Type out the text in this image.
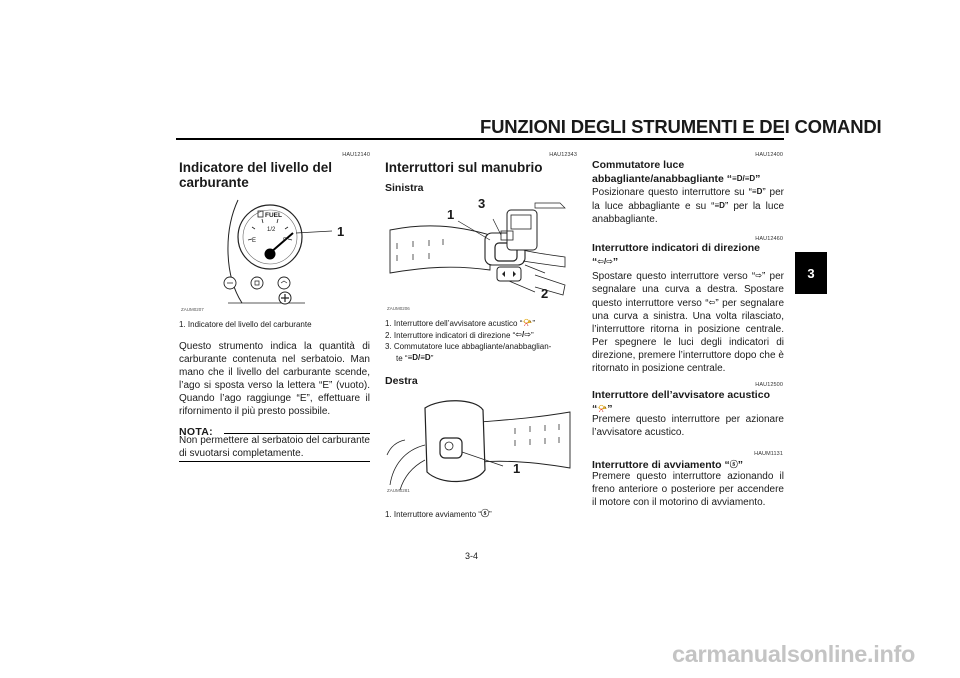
FUNZIONI DEGLI STRUMENTI E DEI COMANDI
3
HAU12140
Indicatore del livello del carburante
FUEL
1/2
E	F
1
ZAUM0207
1. Indicatore del livello del carburante
Questo strumento indica la quantità di carburante contenuta nel serbatoio. Man mano che il livello del carburante scende, l’ago si sposta verso la lettera “E” (vuoto). Quando l’ago raggiunge “E”, effettuare il rifornimento il più presto possibile.
NOTA:
Non permettere al serbatoio del carburante di svuotarsi completamente.
HAU12343
Interruttori sul manubrio
Sinistra
1
3
2
ZAUM0206
1. Interruttore dell’avvisatore acustico “📯”
2. Interruttore indicatori di direzione “⇦/⇨”
3. Commutatore luce abbagliante/anabbaglian-
te “≡D/≡D”
Destra
1
ZAUM0281
1. Interruttore avviamento “ⓢ”
HAU12400
Commutatore luce
abbagliante/anabbagliante “≡D/≡D”
Posizionare questo interruttore su “≡D” per la luce abbagliante e su “≡D” per la luce anabbagliante.
HAU12460
Interruttore indicatori di direzione
“⇦/⇨”
Spostare questo interruttore verso “⇨” per segnalare una curva a destra. Spostare questo interruttore verso “⇦” per segnalare una curva a sinistra. Una volta rilasciato, l’interruttore ritorna in posizione centrale. Per spegnere le luci degli indicatori di direzione, premere l’interruttore dopo che è ritornato in posizione centrale.
HAU12500
Interruttore dell’avvisatore acustico
“📯”
Premere questo interruttore per azionare l’avvisatore acustico.
HAUM1131
Interruttore di avviamento “ⓢ”
Premere questo interruttore azionando il freno anteriore o posteriore per accendere il motore con il motorino di avviamento.
3-4
carmanualsonline.info
